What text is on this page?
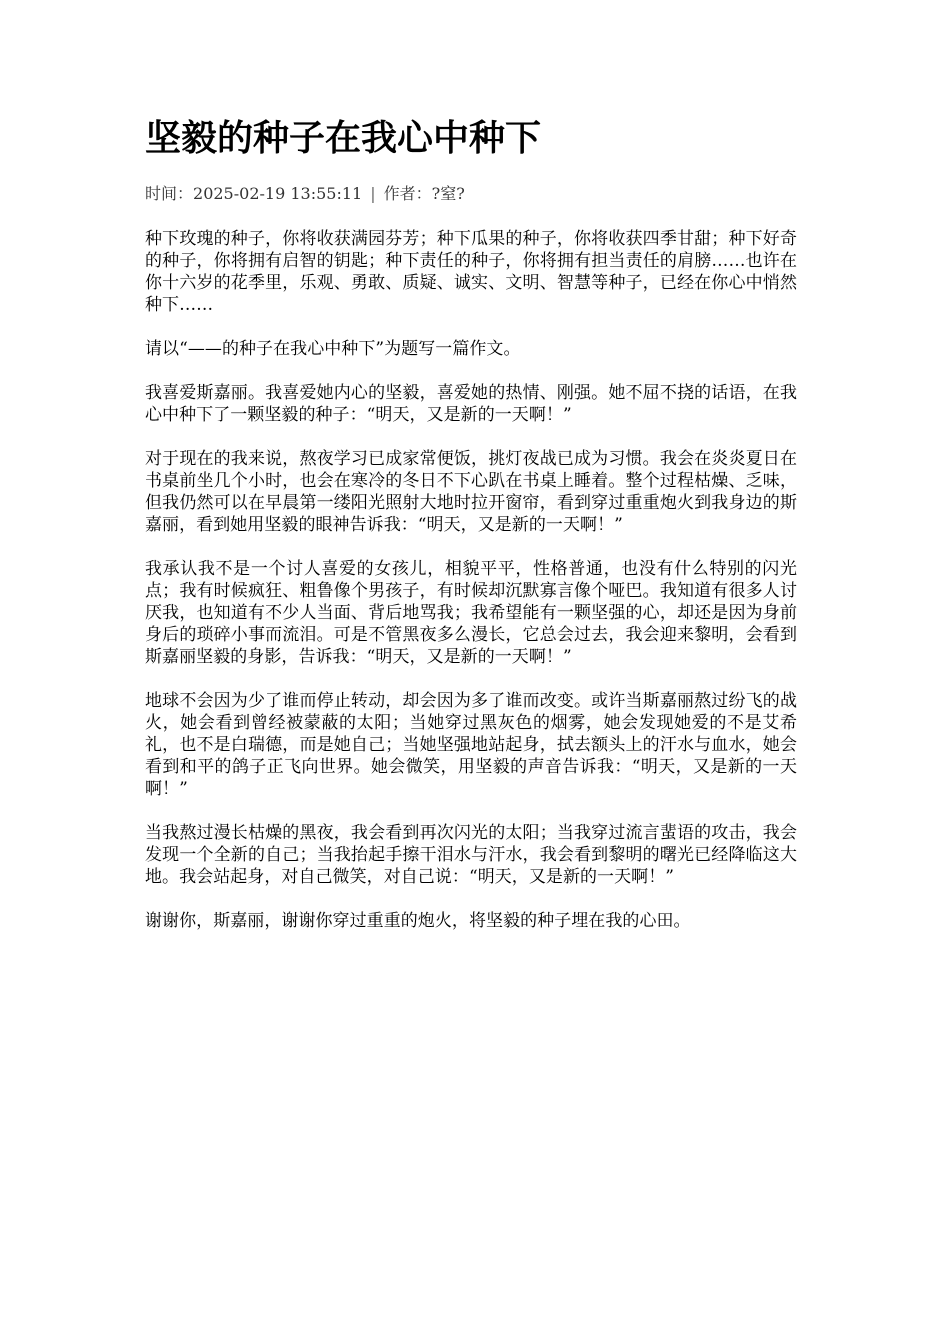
坚毅的种子在我心中种下
时间：2025-02-19 13:55:11 | 作者：?窒?

种下玫瑰的种子，你将收获满园芬芳；种下瓜果的种子，你将收获四季甘甜；种下好奇的种子，你将拥有启智的钥匙；种下责任的种子，你将拥有担当责任的肩膀……也许在你十六岁的花季里，乐观、勇敢、质疑、诚实、文明、智慧等种子，已经在你心中悄然种下……

请以“——的种子在我心中种下”为题写一篇作文。

我喜爱斯嘉丽。我喜爱她内心的坚毅，喜爱她的热情、刚强。她不屈不挠的话语，在我心中种下了一颗坚毅的种子：“明天，又是新的一天啊！”

对于现在的我来说，熬夜学习已成家常便饭，挑灯夜战已成为习惯。我会在炎炎夏日在书桌前坐几个小时，也会在寒冷的冬日不下心趴在书桌上睡着。整个过程枯燥、乏味，但我仍然可以在早晨第一缕阳光照射大地时拉开窗帘，看到穿过重重炮火到我身边的斯嘉丽，看到她用坚毅的眼神告诉我：“明天，又是新的一天啊！”

我承认我不是一个讨人喜爱的女孩儿，相貌平平，性格普通，也没有什么特别的闪光点；我有时候疯狂、粗鲁像个男孩子，有时候却沉默寡言像个哑巴。我知道有很多人讨厌我，也知道有不少人当面、背后地骂我；我希望能有一颗坚强的心，却还是因为身前身后的琐碎小事而流泪。可是不管黑夜多么漫长，它总会过去，我会迎来黎明，会看到斯嘉丽坚毅的身影，告诉我：“明天，又是新的一天啊！”

地球不会因为少了谁而停止转动，却会因为多了谁而改变。或许当斯嘉丽熬过纷飞的战火，她会看到曾经被蒙蔽的太阳；当她穿过黑灰色的烟雾，她会发现她爱的不是艾希礼，也不是白瑞德，而是她自己；当她坚强地站起身，拭去额头上的汗水与血水，她会看到和平的鸽子正飞向世界。她会微笑，用坚毅的声音告诉我：“明天，又是新的一天啊！”

当我熬过漫长枯燥的黑夜，我会看到再次闪光的太阳；当我穿过流言蜚语的攻击，我会发现一个全新的自己；当我抬起手擦干泪水与汗水，我会看到黎明的曙光已经降临这大地。我会站起身，对自己微笑，对自己说：“明天，又是新的一天啊！”

谢谢你，斯嘉丽，谢谢你穿过重重的炮火，将坚毅的种子埋在我的心田。
